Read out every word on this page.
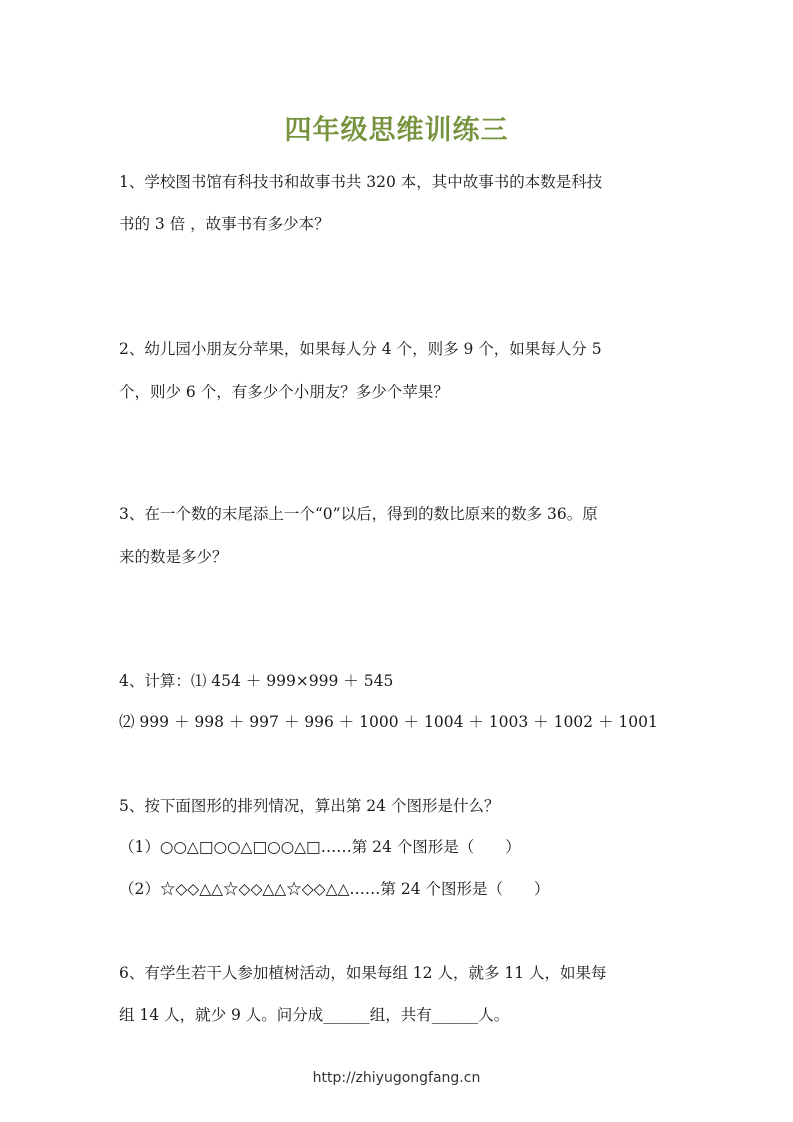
四年级思维训练三
1、学校图书馆有科技书和故事书共 320 本，其中故事书的本数是科技
书的 3 倍 ，故事书有多少本？
2、幼儿园小朋友分苹果，如果每人分 4 个，则多 9 个，如果每人分 5
个，则少 6 个，有多少个小朋友？多少个苹果？
3、在一个数的末尾添上一个“0”以后，得到的数比原来的数多 36。原
来的数是多少？
4、计算：⑴ 454 ＋ 999×999 ＋ 545
⑵ 999 ＋ 998 ＋ 997 ＋ 996 ＋ 1000 ＋ 1004 ＋ 1003 ＋ 1002 ＋ 1001
5、按下面图形的排列情况，算出第 24 个图形是什么？
（1）○○△□○○△□○○△□……第 24 个图形是（　　）
（2）☆◇◇△△☆◇◇△△☆◇◇△△……第 24 个图形是（　　）
6、有学生若干人参加植树活动，如果每组 12 人，就多 11 人，如果每
组 14 人，就少 9 人。问分成______组，共有______人。
http://zhiyugongfang.cn
